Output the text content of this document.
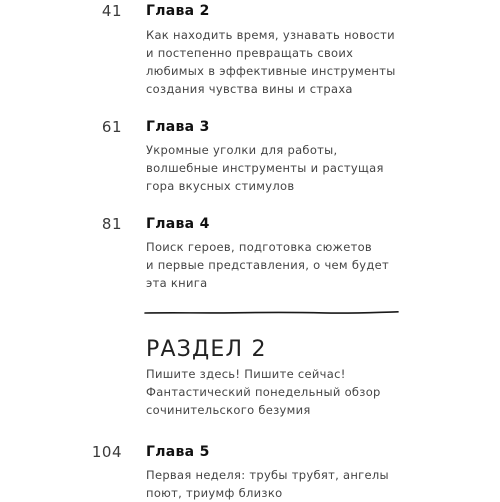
41 Глава 2
Как находить время, узнавать новости
и постепенно превращать своих
любимых в эффективные инструменты
создания чувства вины и страха
61 Глава 3
Укромные уголки для работы,
волшебные инструменты и растущая
гора вкусных стимулов
81 Глава 4
Поиск героев, подготовка сюжетов
и первые представления, о чем будет
эта книга
РАЗДЕЛ 2
Пишите здесь! Пишите сейчас!
Фантастический понедельный обзор
сочинительского безумия
104 Глава 5
Первая неделя: трубы трубят, ангелы
поют, триумф близко
